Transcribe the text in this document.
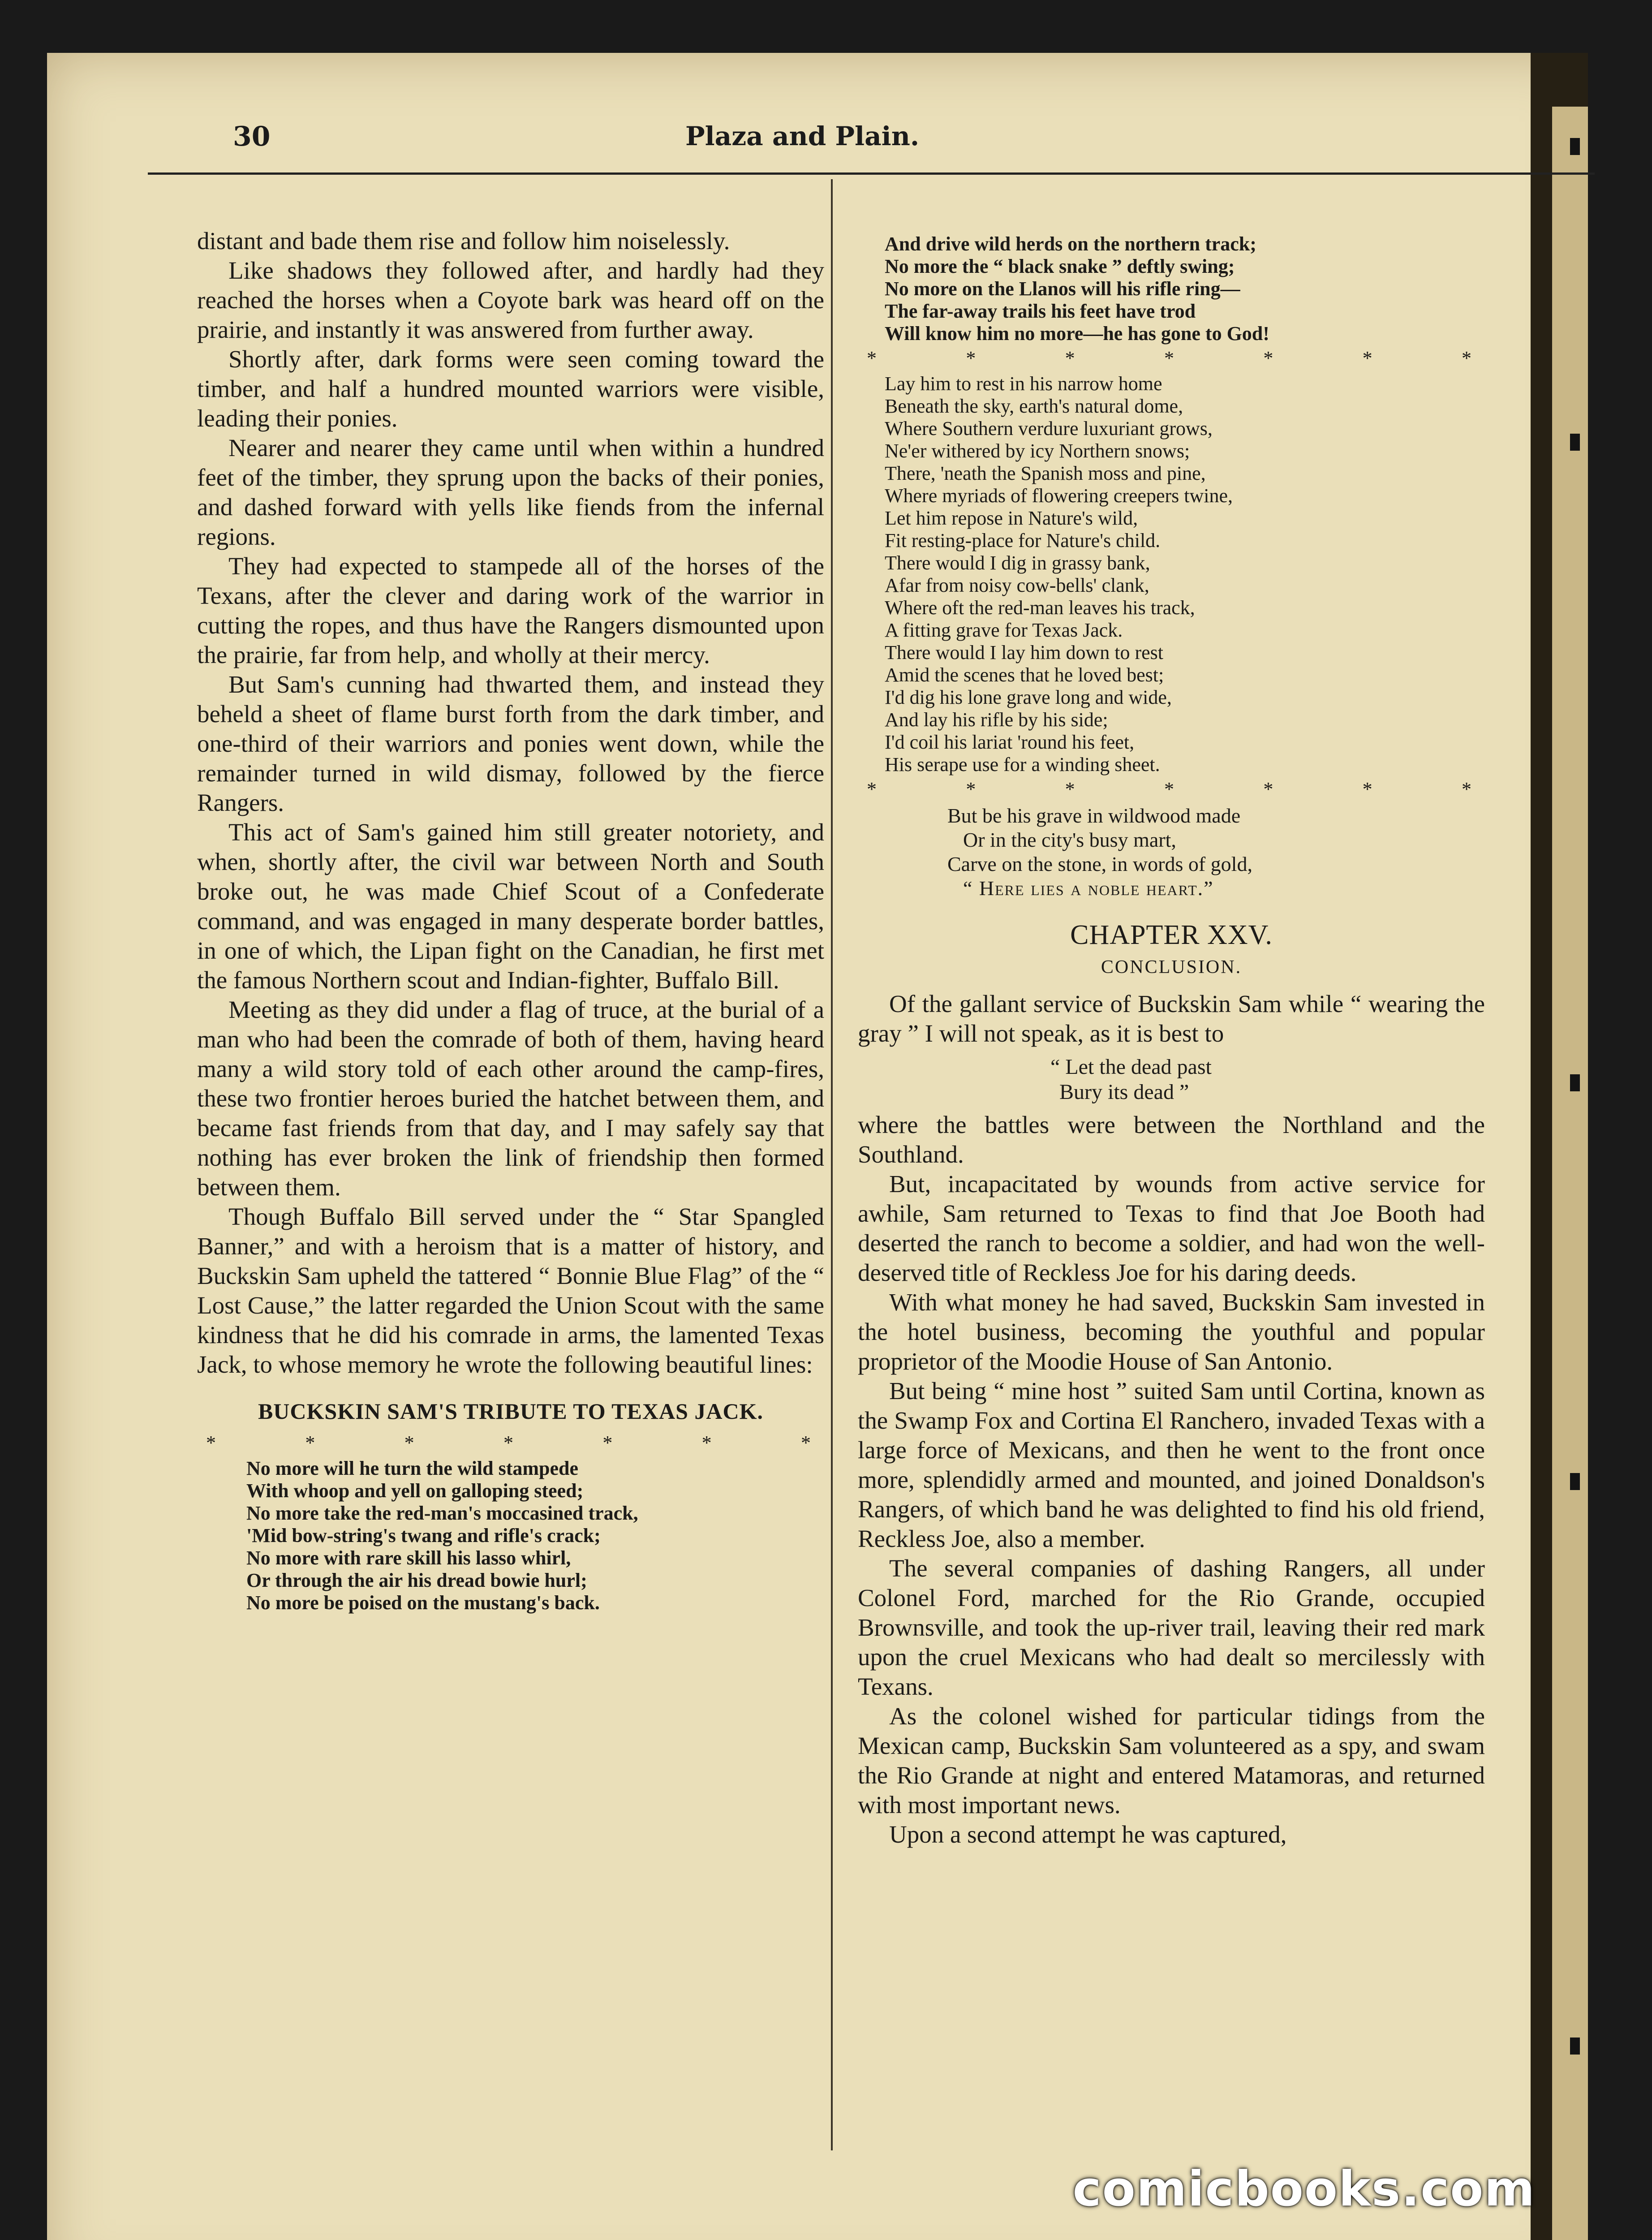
30	Plaza and Plain.

distant and bade them rise and follow him noiselessly.

Like shadows they followed after, and hardly had they reached the horses when a Coyote bark was heard off on the prairie, and instantly it was answered from further away.

Shortly after, dark forms were seen coming toward the timber, and half a hundred mounted warriors were visible, leading their ponies.

Nearer and nearer they came until when within a hundred feet of the timber, they sprung upon the backs of their ponies, and dashed forward with yells like fiends from the infernal regions.

They had expected to stampede all of the horses of the Texans, after the clever and daring work of the warrior in cutting the ropes, and thus have the Rangers dismounted upon the prairie, far from help, and wholly at their mercy.

But Sam's cunning had thwarted them, and instead they beheld a sheet of flame burst forth from the dark timber, and one-third of their warriors and ponies went down, while the remainder turned in wild dismay, followed by the fierce Rangers.

This act of Sam's gained him still greater notoriety, and when, shortly after, the civil war between North and South broke out, he was made Chief Scout of a Confederate command, and was engaged in many desperate border battles, in one of which, the Lipan fight on the Canadian, he first met the famous Northern scout and Indian-fighter, Buffalo Bill.

Meeting as they did under a flag of truce, at the burial of a man who had been the comrade of both of them, having heard many a wild story told of each other around the camp-fires, these two frontier heroes buried the hatchet between them, and became fast friends from that day, and I may safely say that nothing has ever broken the link of friendship then formed between them.

Though Buffalo Bill served under the “ Star Spangled Banner,” and with a heroism that is a matter of history, and Buckskin Sam upheld the tattered “ Bonnie Blue Flag” of the “ Lost Cause,” the latter regarded the Union Scout with the same kindness that he did his comrade in arms, the lamented Texas Jack, to whose memory he wrote the following beautiful lines:

BUCKSKIN SAM'S TRIBUTE TO TEXAS JACK.
*	*	*	*	*	*	*
No more will he turn the wild stampede
With whoop and yell on galloping steed;
No more take the red-man's moccasined track,
'Mid bow-string's twang and rifle's crack;
No more with rare skill his lasso whirl,
Or through the air his dread bowie hurl;
No more be poised on the mustang's back.
And drive wild herds on the northern track;
No more the “ black snake ” deftly swing;
No more on the Llanos will his rifle ring—
The far-away trails his feet have trod
Will know him no more—he has gone to God!
*	*	*	*	*	*	*
Lay him to rest in his narrow home
Beneath the sky, earth's natural dome,
Where Southern verdure luxuriant grows,
Ne'er withered by icy Northern snows;
There, 'neath the Spanish moss and pine,
Where myriads of flowering creepers twine,
Let him repose in Nature's wild,
Fit resting-place for Nature's child.
There would I dig in grassy bank,
Afar from noisy cow-bells' clank,
Where oft the red-man leaves his track,
A fitting grave for Texas Jack.
There would I lay him down to rest
Amid the scenes that he loved best;
I'd dig his lone grave long and wide,
And lay his rifle by his side;
I'd coil his lariat 'round his feet,
His serape use for a winding sheet.
*	*	*	*	*	*	*
But be his grave in wildwood made
Or in the city's busy mart,
Carve on the stone, in words of gold,
“ Here lies a noble heart.”
CHAPTER XXV.
CONCLUSION.

Of the gallant service of Buckskin Sam while “ wearing the gray ” I will not speak, as it is best to

“ Let the dead past
Bury its dead ”

where the battles were between the Northland and the Southland.

But, incapacitated by wounds from active service for awhile, Sam returned to Texas to find that Joe Booth had deserted the ranch to become a soldier, and had won the well-deserved title of Reckless Joe for his daring deeds.

With what money he had saved, Buckskin Sam invested in the hotel business, becoming the youthful and popular proprietor of the Moodie House of San Antonio.

But being “ mine host ” suited Sam until Cortina, known as the Swamp Fox and Cortina El Ranchero, invaded Texas with a large force of Mexicans, and then he went to the front once more, splendidly armed and mounted, and joined Donaldson's Rangers, of which band he was delighted to find his old friend, Reckless Joe, also a member.

The several companies of dashing Rangers, all under Colonel Ford, marched for the Rio Grande, occupied Brownsville, and took the up-river trail, leaving their red mark upon the cruel Mexicans who had dealt so mercilessly with Texans.

As the colonel wished for particular tidings from the Mexican camp, Buckskin Sam volunteered as a spy, and swam the Rio Grande at night and entered Matamoras, and returned with most important news.

Upon a second attempt he was captured,

comicbooks.com
